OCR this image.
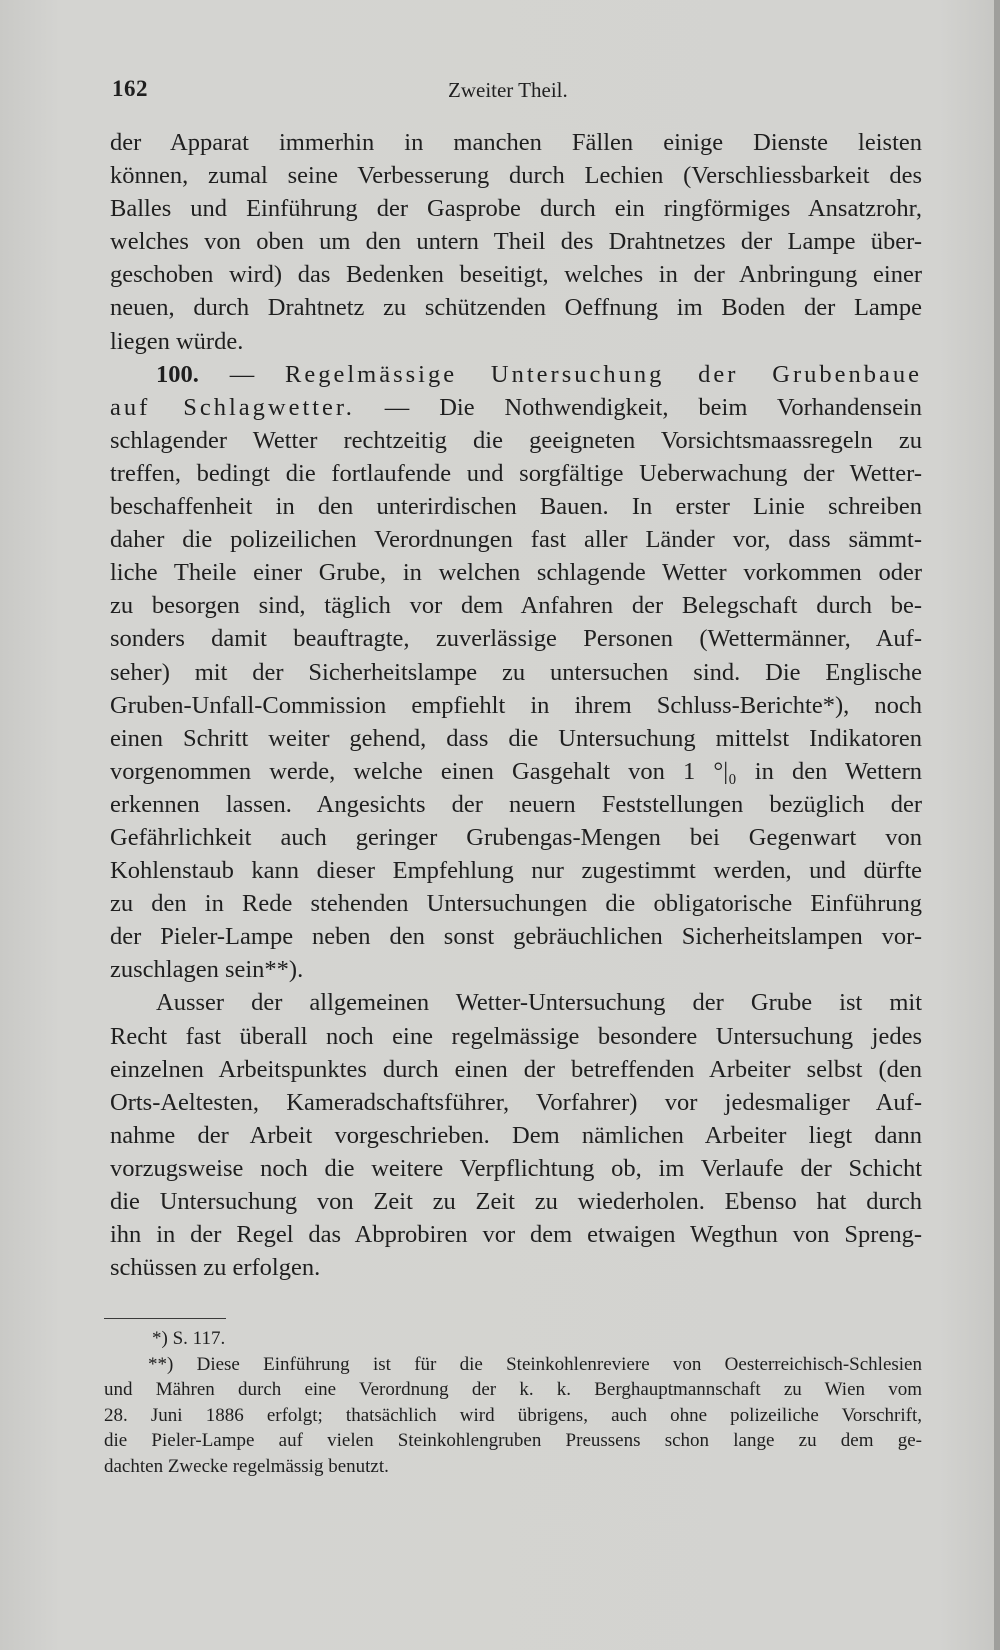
162	Zweiter Theil.
der Apparat immerhin in manchen Fällen einige Dienste leisten
können, zumal seine Verbesserung durch Lechien (Verschliessbarkeit des
Balles und Einführung der Gasprobe durch ein ringförmiges Ansatzrohr,
welches von oben um den untern Theil des Drahtnetzes der Lampe über-
geschoben wird) das Bedenken beseitigt, welches in der Anbringung einer
neuen, durch Drahtnetz zu schützenden Oeffnung im Boden der Lampe
liegen würde.
100. — Regelmässige Untersuchung der Grubenbaue
auf Schlagwetter. — Die Nothwendigkeit, beim Vorhandensein
schlagender Wetter rechtzeitig die geeigneten Vorsichtsmaassregeln zu
treffen, bedingt die fortlaufende und sorgfältige Ueberwachung der Wetter-
beschaffenheit in den unterirdischen Bauen. In erster Linie schreiben
daher die polizeilichen Verordnungen fast aller Länder vor, dass sämmt-
liche Theile einer Grube, in welchen schlagende Wetter vorkommen oder
zu besorgen sind, täglich vor dem Anfahren der Belegschaft durch be-
sonders damit beauftragte, zuverlässige Personen (Wettermänner, Auf-
seher) mit der Sicherheitslampe zu untersuchen sind. Die Englische
Gruben-Unfall-Commission empfiehlt in ihrem Schluss-Berichte*), noch
einen Schritt weiter gehend, dass die Untersuchung mittelst Indikatoren
vorgenommen werde, welche einen Gasgehalt von 1 °|₀ in den Wettern
erkennen lassen. Angesichts der neuern Feststellungen bezüglich der
Gefährlichkeit auch geringer Grubengas-Mengen bei Gegenwart von
Kohlenstaub kann dieser Empfehlung nur zugestimmt werden, und dürfte
zu den in Rede stehenden Untersuchungen die obligatorische Einführung
der Pieler-Lampe neben den sonst gebräuchlichen Sicherheitslampen vor-
zuschlagen sein**).
Ausser der allgemeinen Wetter-Untersuchung der Grube ist mit
Recht fast überall noch eine regelmässige besondere Untersuchung jedes
einzelnen Arbeitspunktes durch einen der betreffenden Arbeiter selbst (den
Orts-Aeltesten, Kameradschaftsführer, Vorfahrer) vor jedesmaliger Auf-
nahme der Arbeit vorgeschrieben. Dem nämlichen Arbeiter liegt dann
vorzugsweise noch die weitere Verpflichtung ob, im Verlaufe der Schicht
die Untersuchung von Zeit zu Zeit zu wiederholen. Ebenso hat durch
ihn in der Regel das Abprobiren vor dem etwaigen Wegthun von Spreng-
schüssen zu erfolgen.
*) S. 117.
**) Diese Einführung ist für die Steinkohlenreviere von Oesterreichisch-Schlesien
und Mähren durch eine Verordnung der k. k. Berghauptmannschaft zu Wien vom
28. Juni 1886 erfolgt; thatsächlich wird übrigens, auch ohne polizeiliche Vorschrift,
die Pieler-Lampe auf vielen Steinkohlengruben Preussens schon lange zu dem ge-
dachten Zwecke regelmässig benutzt.
